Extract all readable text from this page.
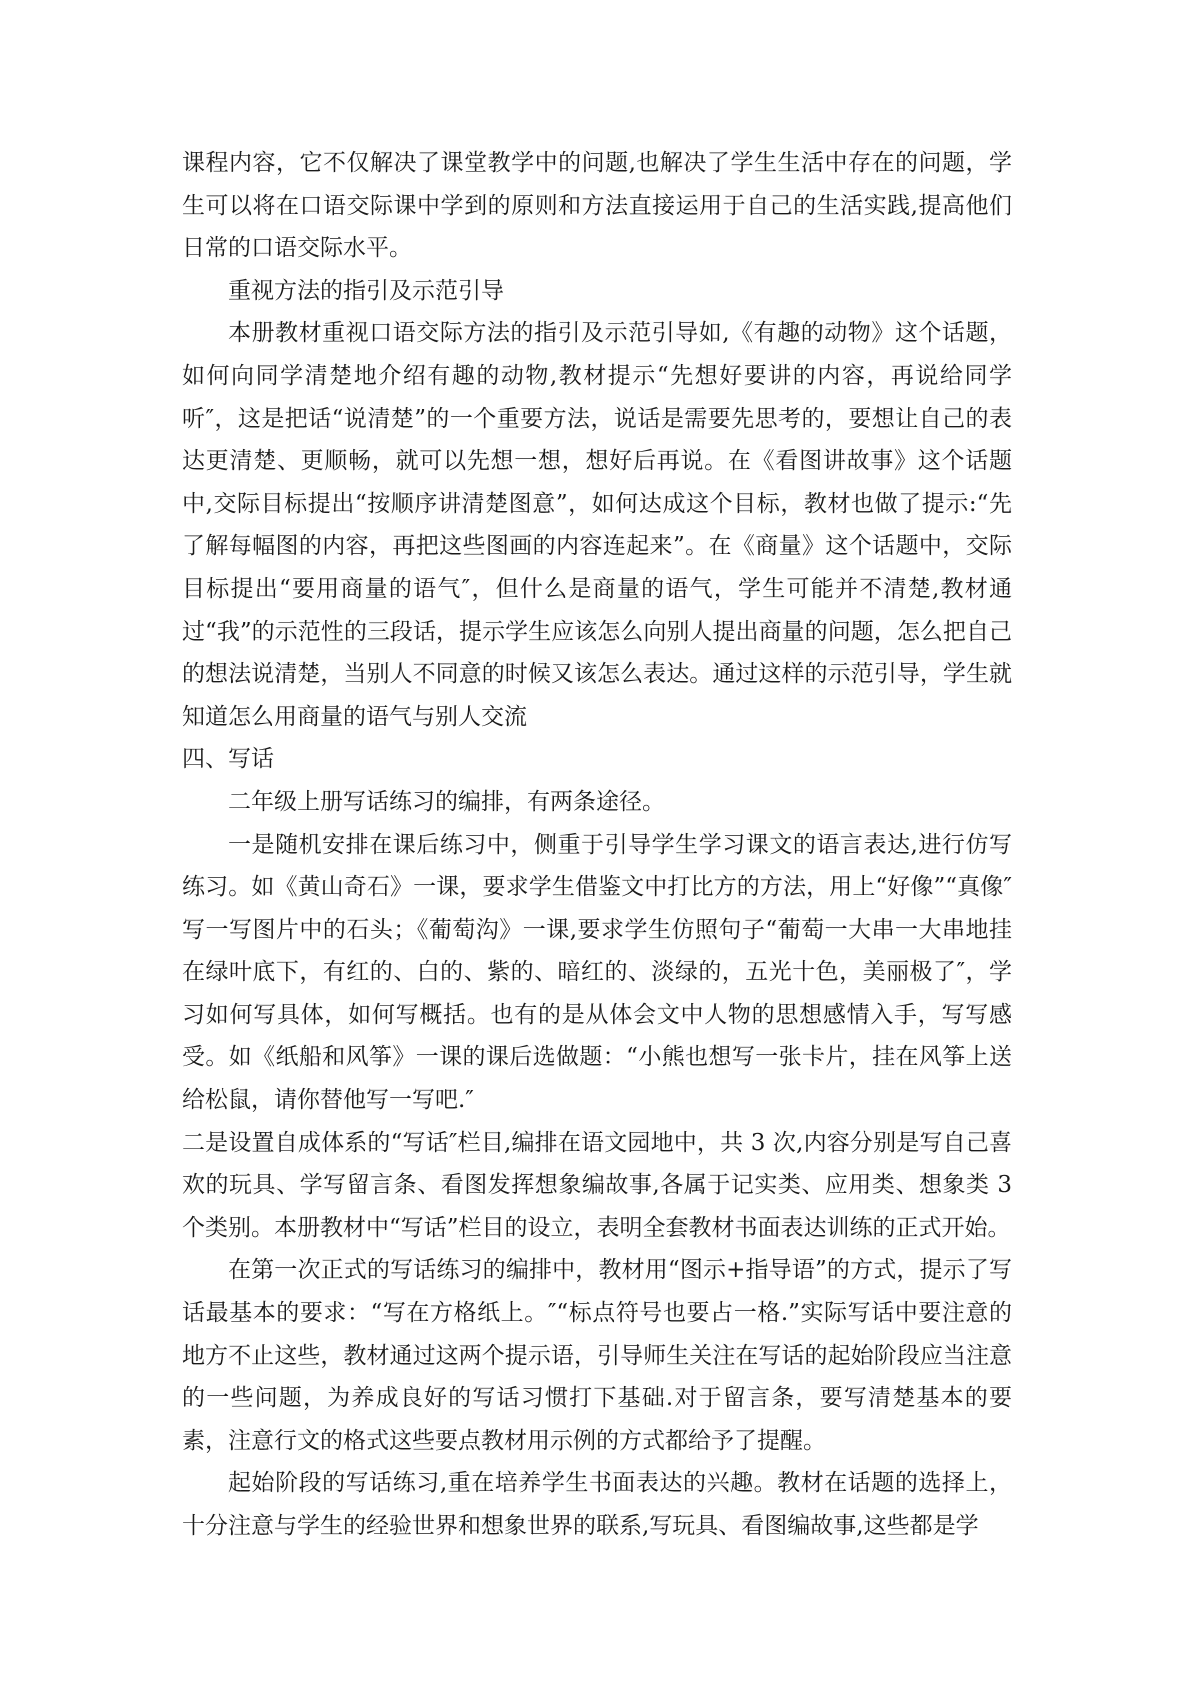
课程内容，它不仅解决了课堂教学中的问题,也解决了学生生活中存在的问题，学生可以将在口语交际课中学到的原则和方法直接运用于自己的生活实践,提高他们日常的口语交际水平。

重视方法的指引及示范引导

本册教材重视口语交际方法的指引及示范引导如,《有趣的动物》这个话题，如何向同学清楚地介绍有趣的动物,教材提示“先想好要讲的内容，再说给同学听″，这是把话“说清楚”的一个重要方法，说话是需要先思考的，要想让自己的表达更清楚、更顺畅，就可以先想一想，想好后再说。在《看图讲故事》这个话题中,交际目标提出“按顺序讲清楚图意”，如何达成这个目标，教材也做了提示:“先了解每幅图的内容，再把这些图画的内容连起来”。在《商量》这个话题中，交际目标提出“要用商量的语气″，但什么是商量的语气，学生可能并不清楚,教材通过“我”的示范性的三段话，提示学生应该怎么向别人提出商量的问题，怎么把自己的想法说清楚，当别人不同意的时候又该怎么表达。通过这样的示范引导，学生就知道怎么用商量的语气与别人交流

四、写话

二年级上册写话练习的编排，有两条途径。

一是随机安排在课后练习中，侧重于引导学生学习课文的语言表达,进行仿写练习。如《黄山奇石》一课，要求学生借鉴文中打比方的方法，用上“好像”“真像″写一写图片中的石头；《葡萄沟》一课,要求学生仿照句子“葡萄一大串一大串地挂在绿叶底下，有红的、白的、紫的、暗红的、淡绿的，五光十色，美丽极了″，学习如何写具体，如何写概括。也有的是从体会文中人物的思想感情入手，写写感受。如《纸船和风筝》一课的课后选做题：“小熊也想写一张卡片，挂在风筝上送给松鼠，请你替他写一写吧.″

二是设置自成体系的“写话″栏目,编排在语文园地中，共 3 次,内容分别是写自己喜欢的玩具、学写留言条、看图发挥想象编故事,各属于记实类、应用类、想象类 3 个类别。本册教材中“写话”栏目的设立，表明全套教材书面表达训练的正式开始。

在第一次正式的写话练习的编排中，教材用“图示+指导语”的方式，提示了写话最基本的要求：“写在方格纸上。″“标点符号也要占一格.”实际写话中要注意的地方不止这些，教材通过这两个提示语，引导师生关注在写话的起始阶段应当注意的一些问题，为养成良好的写话习惯打下基础.对于留言条，要写清楚基本的要素，注意行文的格式这些要点教材用示例的方式都给予了提醒。

起始阶段的写话练习,重在培养学生书面表达的兴趣。教材在话题的选择上，十分注意与学生的经验世界和想象世界的联系,写玩具、看图编故事,这些都是学
